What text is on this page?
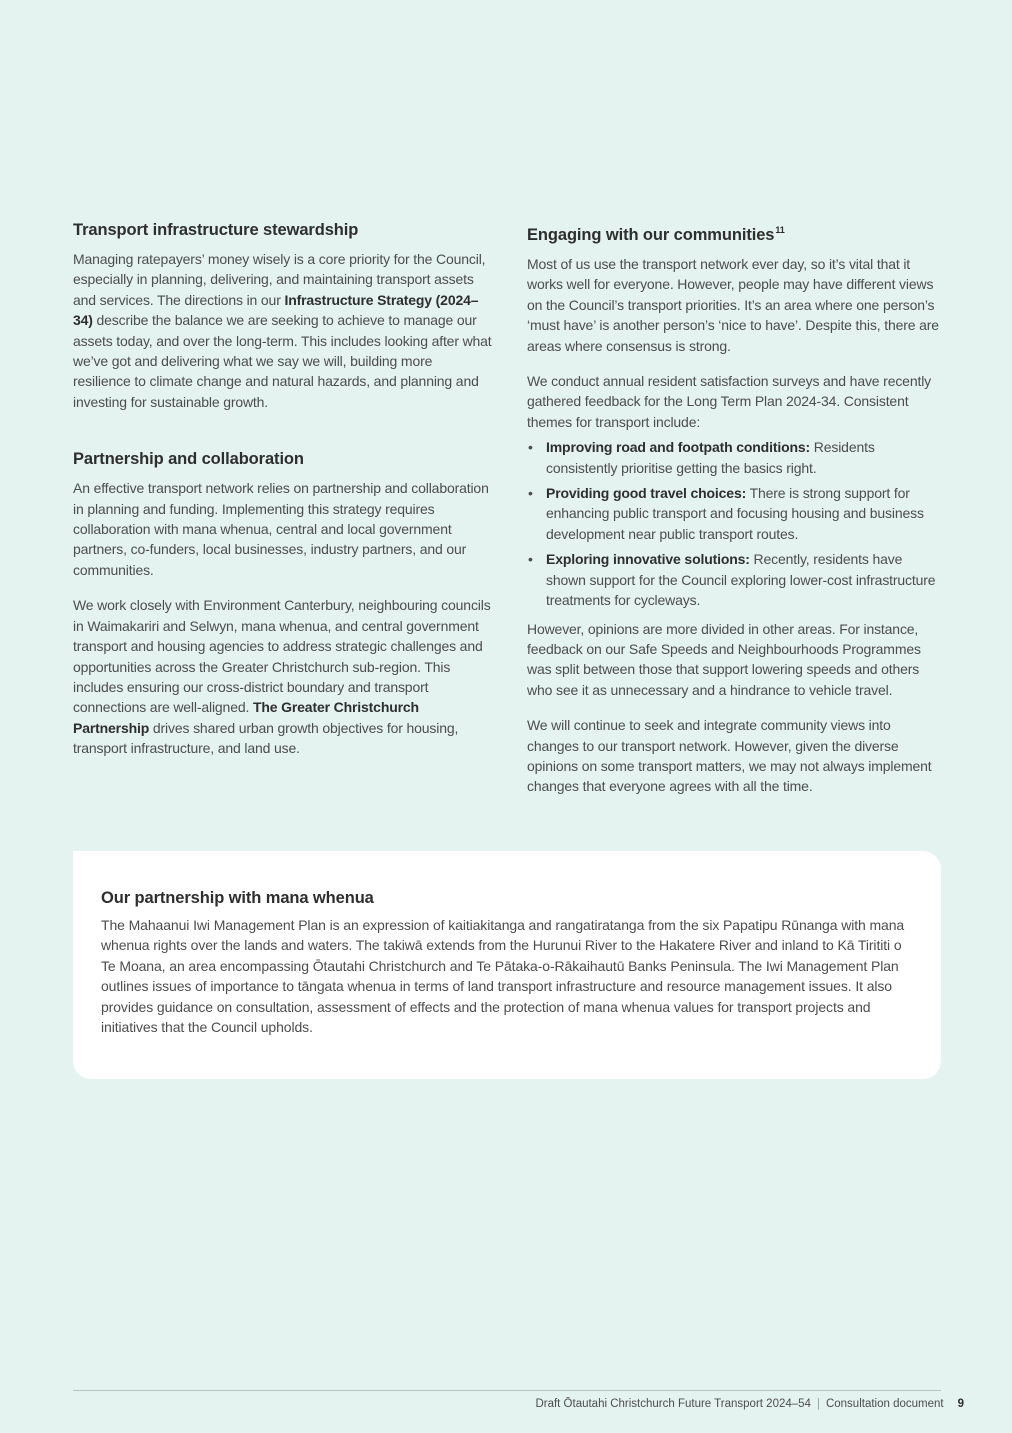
Transport infrastructure stewardship

Managing ratepayers’ money wisely is a core priority for the Council, especially in planning, delivering, and maintaining transport assets and services. The directions in our Infrastructure Strategy (2024–34) describe the balance we are seeking to achieve to manage our assets today, and over the long-term. This includes looking after what we’ve got and delivering what we say we will, building more resilience to climate change and natural hazards, and planning and investing for sustainable growth.

Partnership and collaboration

An effective transport network relies on partnership and collaboration in planning and funding. Implementing this strategy requires collaboration with mana whenua, central and local government partners, co-funders, local businesses, industry partners, and our communities.

We work closely with Environment Canterbury, neighbouring councils in Waimakariri and Selwyn, mana whenua, and central government transport and housing agencies to address strategic challenges and opportunities across the Greater Christchurch sub-region. This includes ensuring our cross-district boundary and transport connections are well-aligned. The Greater Christchurch Partnership drives shared urban growth objectives for housing, transport infrastructure, and land use.

Engaging with our communities$^{11}$

Most of us use the transport network ever day, so it’s vital that it works well for everyone. However, people may have different views on the Council’s transport priorities. It’s an area where one person’s ‘must have’ is another person’s ‘nice to have’. Despite this, there are areas where consensus is strong.

We conduct annual resident satisfaction surveys and have recently gathered feedback for the Long Term Plan 2024-34. Consistent themes for transport include:

• Improving road and footpath conditions: Residents consistently prioritise getting the basics right.
• Providing good travel choices: There is strong support for enhancing public transport and focusing housing and business development near public transport routes.
• Exploring innovative solutions: Recently, residents have shown support for the Council exploring lower-cost infrastructure treatments for cycleways.

However, opinions are more divided in other areas. For instance, feedback on our Safe Speeds and Neighbourhoods Programmes was split between those that support lowering speeds and others who see it as unnecessary and a hindrance to vehicle travel.

We will continue to seek and integrate community views into changes to our transport network. However, given the diverse opinions on some transport matters, we may not always implement changes that everyone agrees with all the time.

Our partnership with mana whenua

The Mahaanui Iwi Management Plan is an expression of kaitiakitanga and rangatiratanga from the six Papatipu Rūnanga with mana whenua rights over the lands and waters. The takiwā extends from the Hurunui River to the Hakatere River and inland to Kā Tirititi o Te Moana, an area encompassing Ōtautahi Christchurch and Te Pātaka-o-Rākaihautū Banks Peninsula. The Iwi Management Plan outlines issues of importance to tāngata whenua in terms of land transport infrastructure and resource management issues. It also provides guidance on consultation, assessment of effects and the protection of mana whenua values for transport projects and initiatives that the Council upholds.

Draft Ōtautahi Christchurch Future Transport 2024–54 | Consultation document 9
